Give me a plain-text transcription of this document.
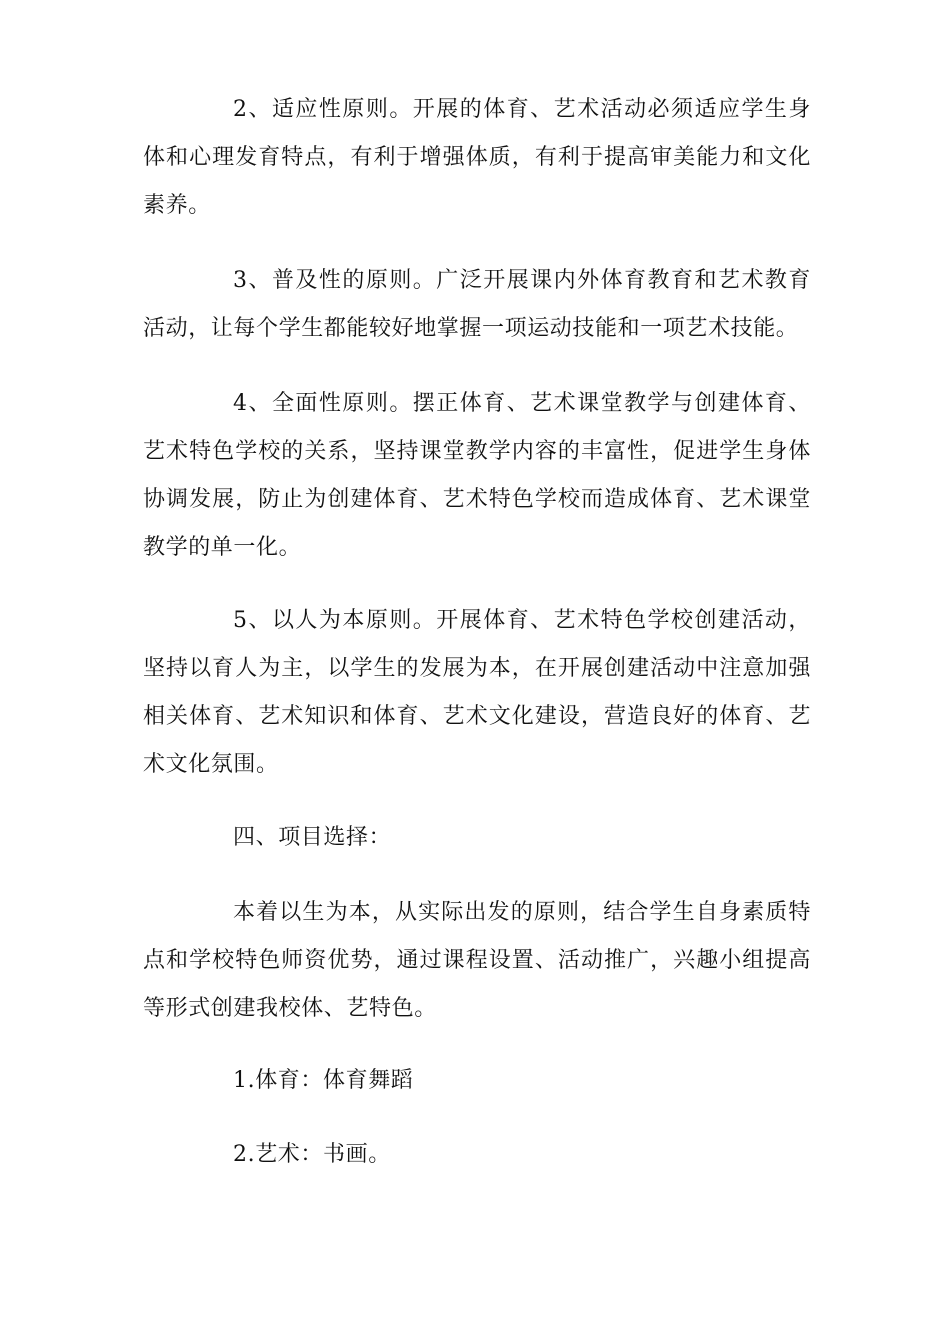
2、适应性原则。开展的体育、艺术活动必须适应学生身体和心理发育特点，有利于增强体质，有利于提高审美能力和文化素养。

3、普及性的原则。广泛开展课内外体育教育和艺术教育活动，让每个学生都能较好地掌握一项运动技能和一项艺术技能。

4、全面性原则。摆正体育、艺术课堂教学与创建体育、艺术特色学校的关系，坚持课堂教学内容的丰富性，促进学生身体协调发展，防止为创建体育、艺术特色学校而造成体育、艺术课堂教学的单一化。

5、以人为本原则。开展体育、艺术特色学校创建活动，坚持以育人为主，以学生的发展为本，在开展创建活动中注意加强相关体育、艺术知识和体育、艺术文化建设，营造良好的体育、艺术文化氛围。

四、项目选择：

本着以生为本，从实际出发的原则，结合学生自身素质特点和学校特色师资优势，通过课程设置、活动推广，兴趣小组提高等形式创建我校体、艺特色。

1.体育：体育舞蹈

2.艺术：书画。
